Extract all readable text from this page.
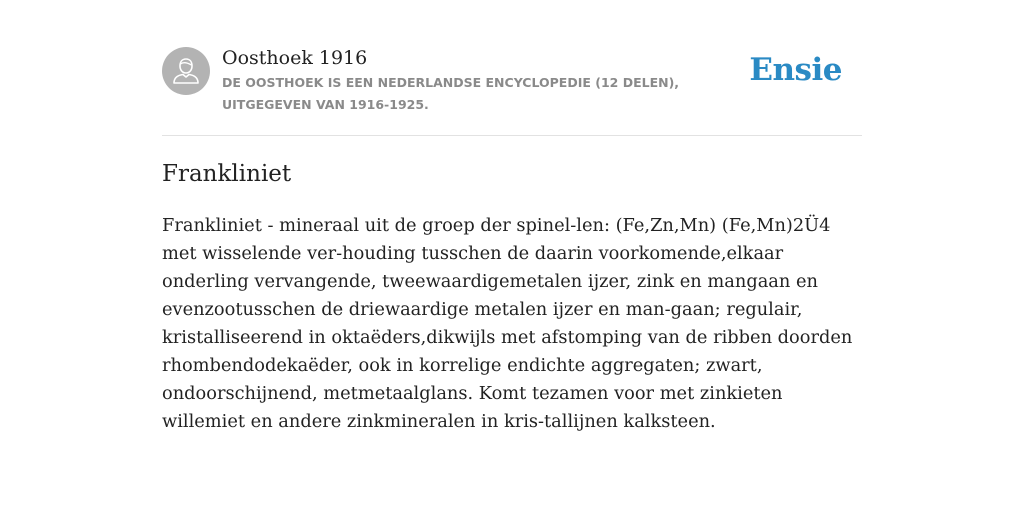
Oosthoek 1916
DE OOSTHOEK IS EEN NEDERLANDSE ENCYCLOPEDIE (12 DELEN), UITGEGEVEN VAN 1916-1925.
Ensie
Frankliniet

Frankliniet - mineraal uit de groep der spinel-len: (Fe,Zn,Mn) (Fe,Mn)2Ü4 met wisselende ver-houding tusschen de daarin voorkomende,elkaar onderling vervangende, tweewaardigemetalen ijzer, zink en mangaan en evenzootusschen de driewaardige metalen ijzer en man-gaan; regulair, kristalliseerend in oktaëders,dikwijls met afstomping van de ribben doorden rhombendodekaëder, ook in korrelige endichte aggregaten; zwart, ondoorschijnend, metmetaalglans. Komt tezamen voor met zinkieten willemiet en andere zinkmineralen in kris-tallijnen kalksteen.
